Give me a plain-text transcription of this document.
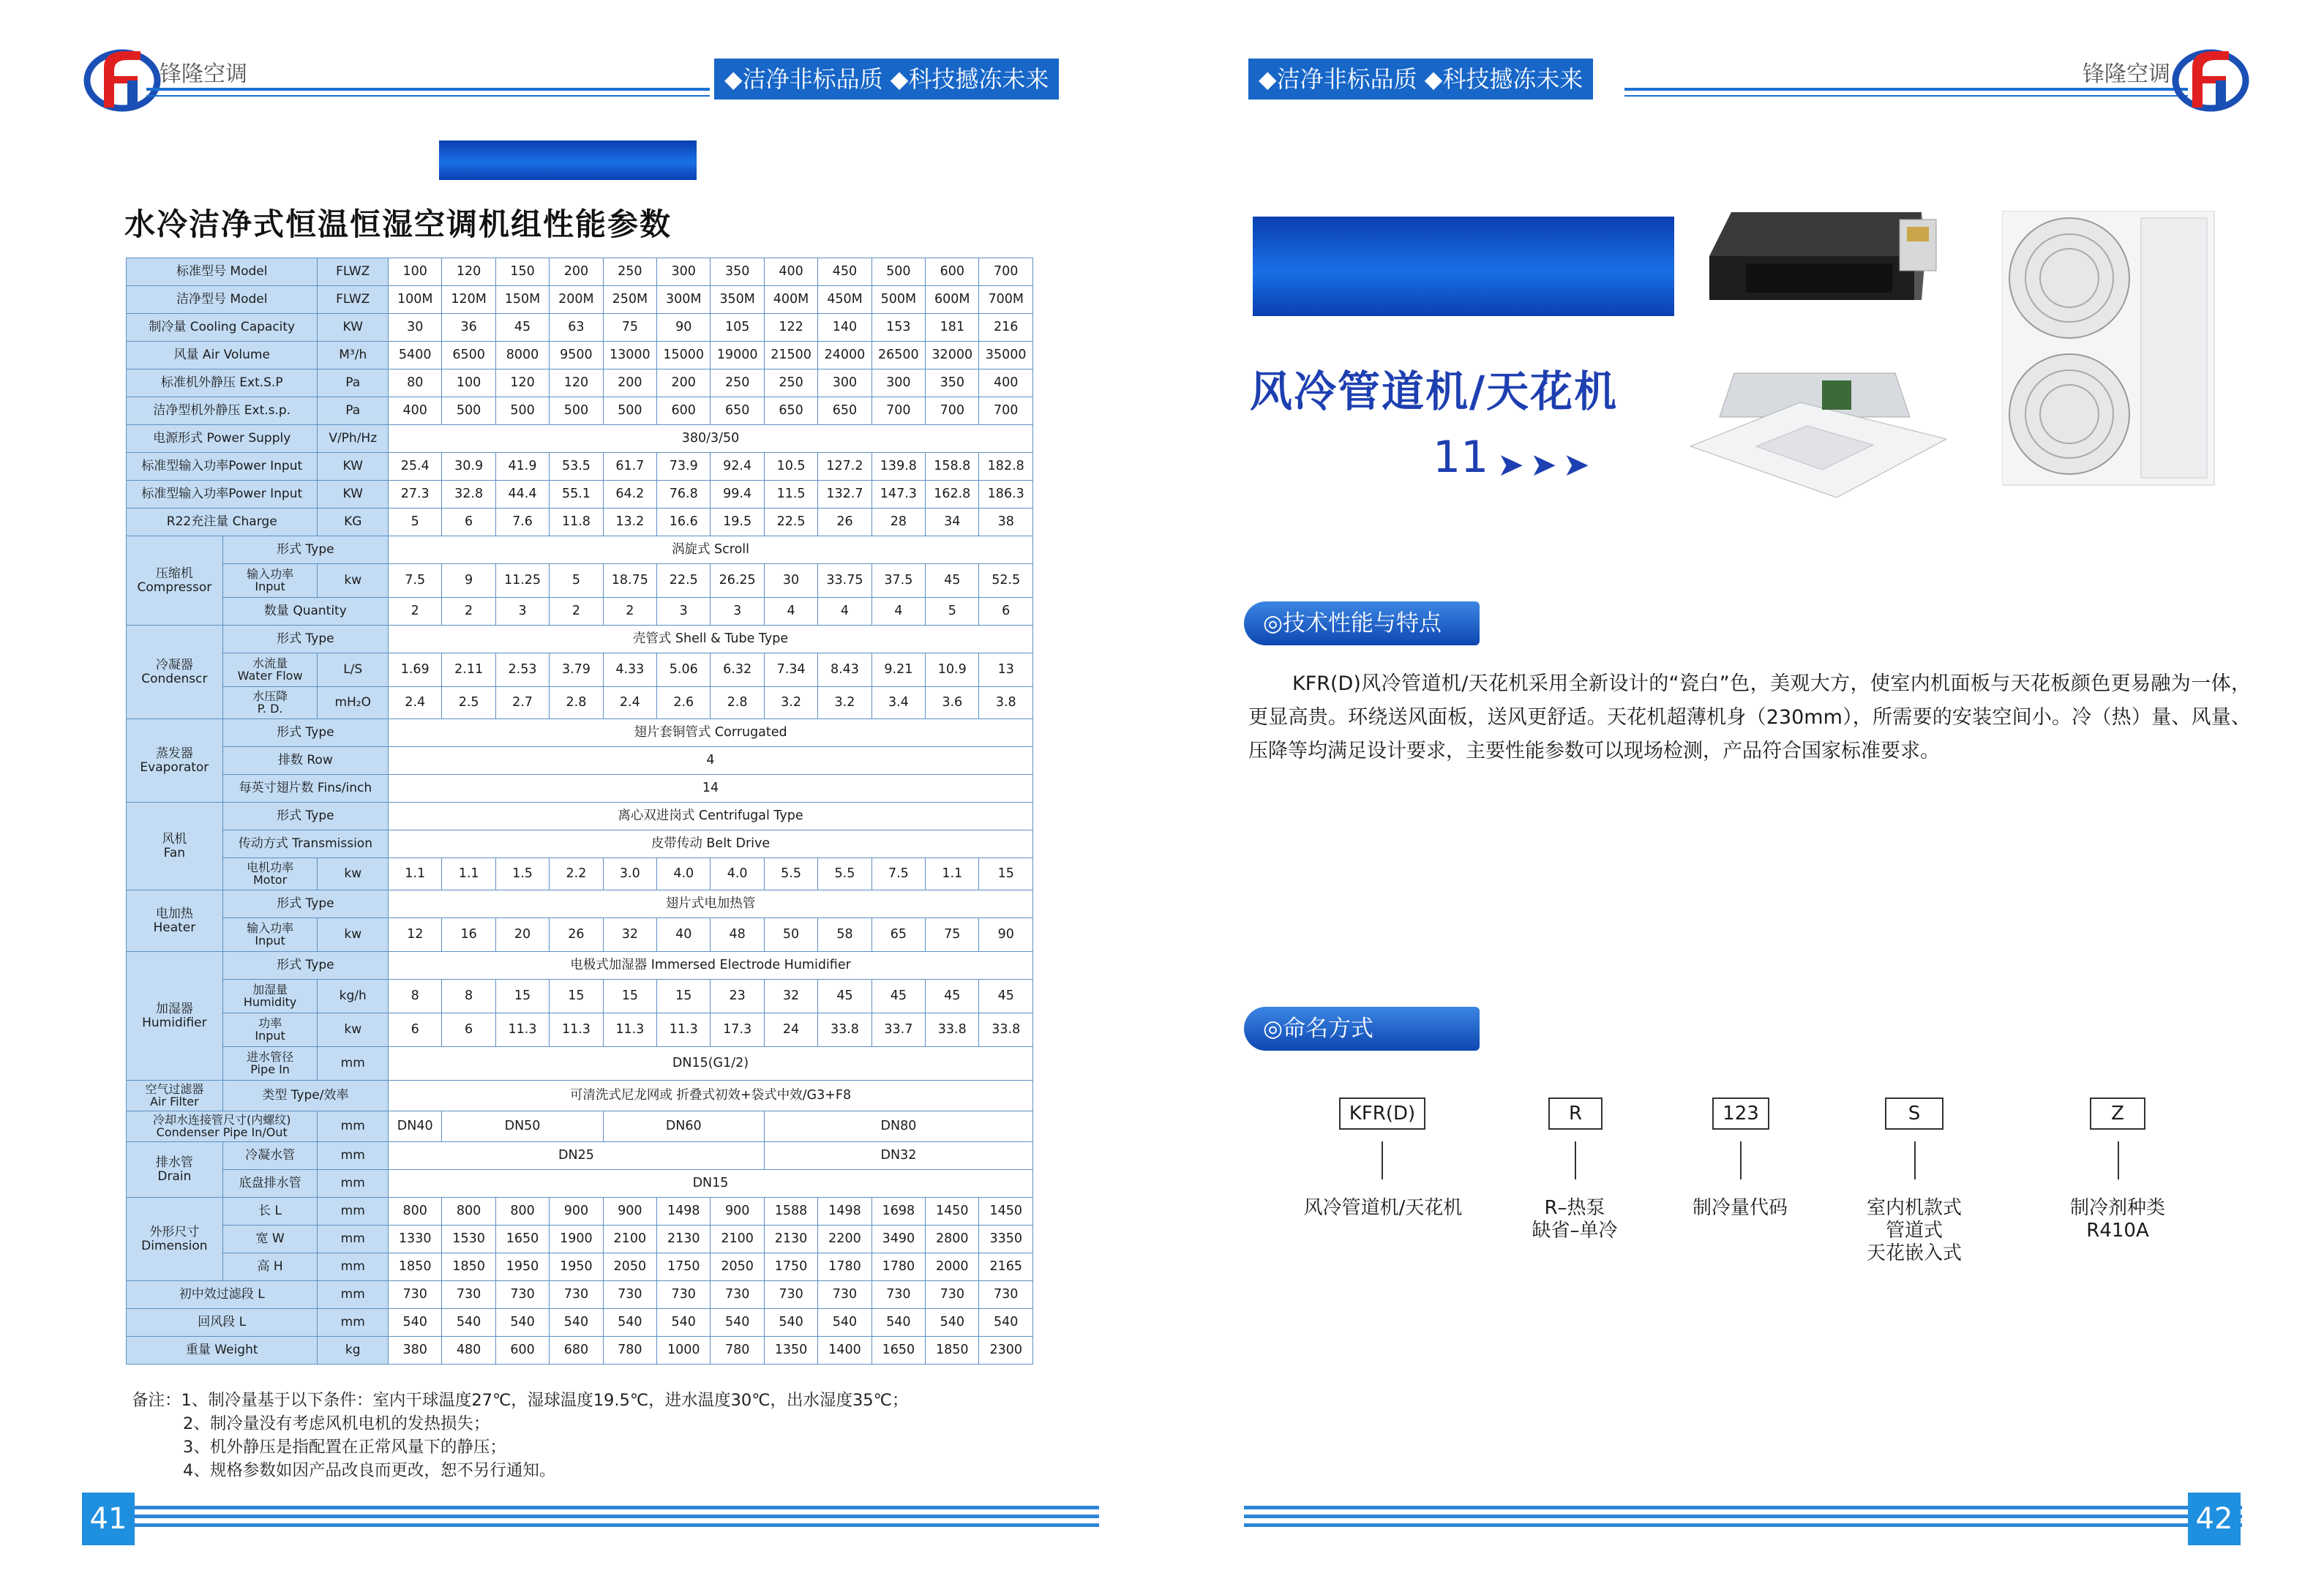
锋隆空调	◆洁净非标品质 ◆科技撼冻未来
水冷洁净式恒温恒湿空调机组性能参数
标准型号 Model		FLWZ	100	120	150	200	250	300	350	400	450	500	600	700
洁净型号 Model		FLWZ	100M	120M	150M	200M	250M	300M	350M	400M	450M	500M	600M	700M
制冷量 Cooling Capacity		KW	30	36	45	63	75	90	105	122	140	153	181	216
风量 Air Volume		M³/h	5400	6500	8000	9500	13000	15000	19000	21500	24000	26500	32000	35000
标准机外静压 Ext.S.P		Pa	80	100	120	120	200	200	250	250	300	300	350	400
洁净型机外静压 Ext.s.p.		Pa	400	500	500	500	500	600	650	650	650	700	700	700
电源形式 Power Supply		V/Ph/Hz	380/3/50											
标准型输入功率Power Input		KW	25.4	30.9	41.9	53.5	61.7	73.9	92.4	10.5	127.2	139.8	158.8	182.8
标准型输入功率Power Input		KW	27.3	32.8	44.4	55.1	64.2	76.8	99.4	11.5	132.7	147.3	162.8	186.3
R22充注量 Charge		KG	5	6	7.6	11.8	13.2	16.6	19.5	22.5	26	28	34	38
压缩机
Compressor	形式 Type		涡旋式 Scroll											
	输入功率
Input	kw	7.5	9	11.25	5	18.75	22.5	26.25	30	33.75	37.5	45	52.5
	数量 Quantity		2	2	3	2	2	3	3	4	4	4	5	6
冷凝器
Condenscr	形式 Type		壳管式 Shell & Tube Type											
	水流量
Water Flow	L/S	1.69	2.11	2.53	3.79	4.33	5.06	6.32	7.34	8.43	9.21	10.9	13
	水压降
P. D.	mH₂O	2.4	2.5	2.7	2.8	2.4	2.6	2.8	3.2	3.2	3.4	3.6	3.8
蒸发器
Evaporator	形式 Type		翅片套铜管式 Corrugated											
	排数 Row		4											
	每英寸翅片数 Fins/inch		14											
风机
Fan	形式 Type		离心双进岗式 Centrifugal Type											
	传动方式 Transmission		皮带传动 Belt Drive											
	电机功率
Motor	kw	1.1	1.1	1.5	2.2	3.0	4.0	4.0	5.5	5.5	7.5	1.1	15
电加热
Heater	形式 Type		翅片式电加热管											
	输入功率
Input	kw	12	16	20	26	32	40	48	50	58	65	75	90
加湿器
Humidifier	形式 Type		电极式加湿器 Immersed Electrode Humidifier											
	加湿量
Humidity	kg/h	8	8	15	15	15	15	23	32	45	45	45	45
	功率
Input	kw	6	6	11.3	11.3	11.3	11.3	17.3	24	33.8	33.7	33.8	33.8
	进水管径
Pipe In	mm	DN15(G1/2)											
空气过滤器
Air Filter	类型 Type/效率		可清洗式尼龙网或 折叠式初效+袋式中效/G3+F8											
冷却水连接管尺寸(内螺纹)
Condenser Pipe In/Out		mm	DN40	DN50			DN60			DN80				
排水管
Drain	冷凝水管	mm	DN25							DN32				
	底盘排水管	mm	DN15											
外形尺寸
Dimension	长 L	mm	800	800	800	900	900	1498	900	1588	1498	1698	1450	1450
	宽 W	mm	1330	1530	1650	1900	2100	2130	2100	2130	2200	3490	2800	3350
	高 H	mm	1850	1850	1950	1950	2050	1750	2050	1750	1780	1780	2000	2165
初中效过滤段 L		mm	730	730	730	730	730	730	730	730	730	730	730	730
回风段 L		mm	540	540	540	540	540	540	540	540	540	540	540	540
重量 Weight		kg	380	480	600	680	780	1000	780	1350	1400	1650	1850	2300
备注：1、制冷量基于以下条件：室内干球温度27℃，湿球温度19.5℃，进水温度30℃，出水湿度35℃；
2、制冷量没有考虑风机电机的发热损失；
3、机外静压是指配置在正常风量下的静压；
4、规格参数如因产品改良而更改，恕不另行通知。
41
◆洁净非标品质 ◆科技撼冻未来	锋隆空调
风冷管道机/天花机
11 ➤➤➤
◎技术性能与特点
KFR(D)风冷管道机/天花机采用全新设计的“瓷白”色，美观大方，使室内机面板与天花板颜色更易融为一体，更显高贵。环绕送风面板，送风更舒适。天花机超薄机身（230mm），所需要的安装空间小。冷（热）量、风量、压降等均满足设计要求，主要性能参数可以现场检测，产品符合国家标准要求。
◎命名方式
KFR(D)	R	123	S	Z
风冷管道机/天花机	R–热泵
缺省–单冷
制冷量代码	室内机款式
管道式
天花嵌入式
制冷剂种类
R410A
42
